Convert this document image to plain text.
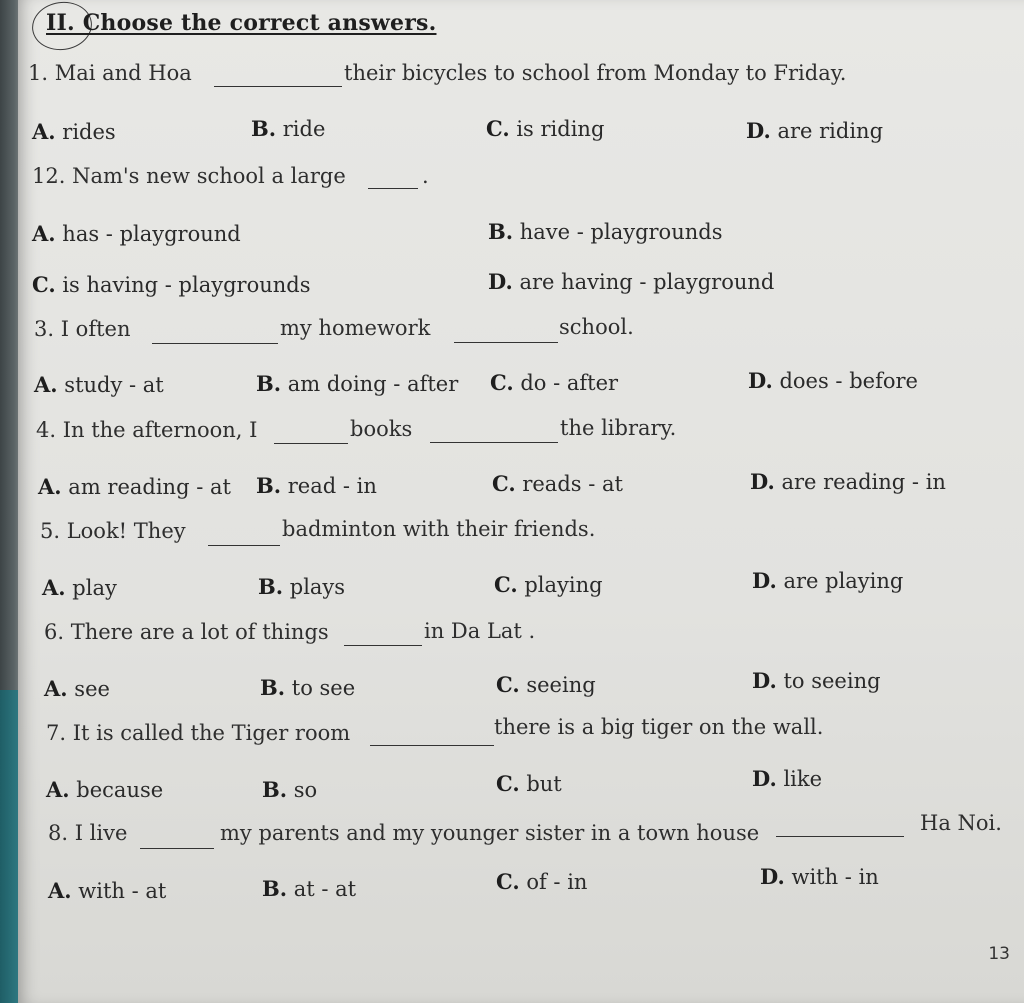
II. Choose the correct answers.
1. Mai and Hoa	their bicycles to school from Monday to Friday.
A. rides	B. ride	C. is riding	D. are riding
12. Nam's new school a large	.
A. has - playground	B. have - playgrounds
C. is having - playgrounds	D. are having - playground
3. I often	my homework	school.
A. study - at	B. am doing - after C. do - after	D. does - before
4. In the afternoon, I	books	the library.
A. am reading - at B. read - in	C. reads - at	D. are reading - in
5. Look! They	badminton with their friends.
A. play	B. plays	C. playing	D. are playing
6. There are a lot of things	in Da Lat .
A. see	B. to see	C. seeing	D. to seeing
7. It is called the Tiger room	there is a big tiger on the wall.
A. because	B. so	C. but	D. like
8. I live	my parents and my younger sister in a town house	Ha Noi.
A. with - at	B. at - at	C. of - in	D. with - in
13
